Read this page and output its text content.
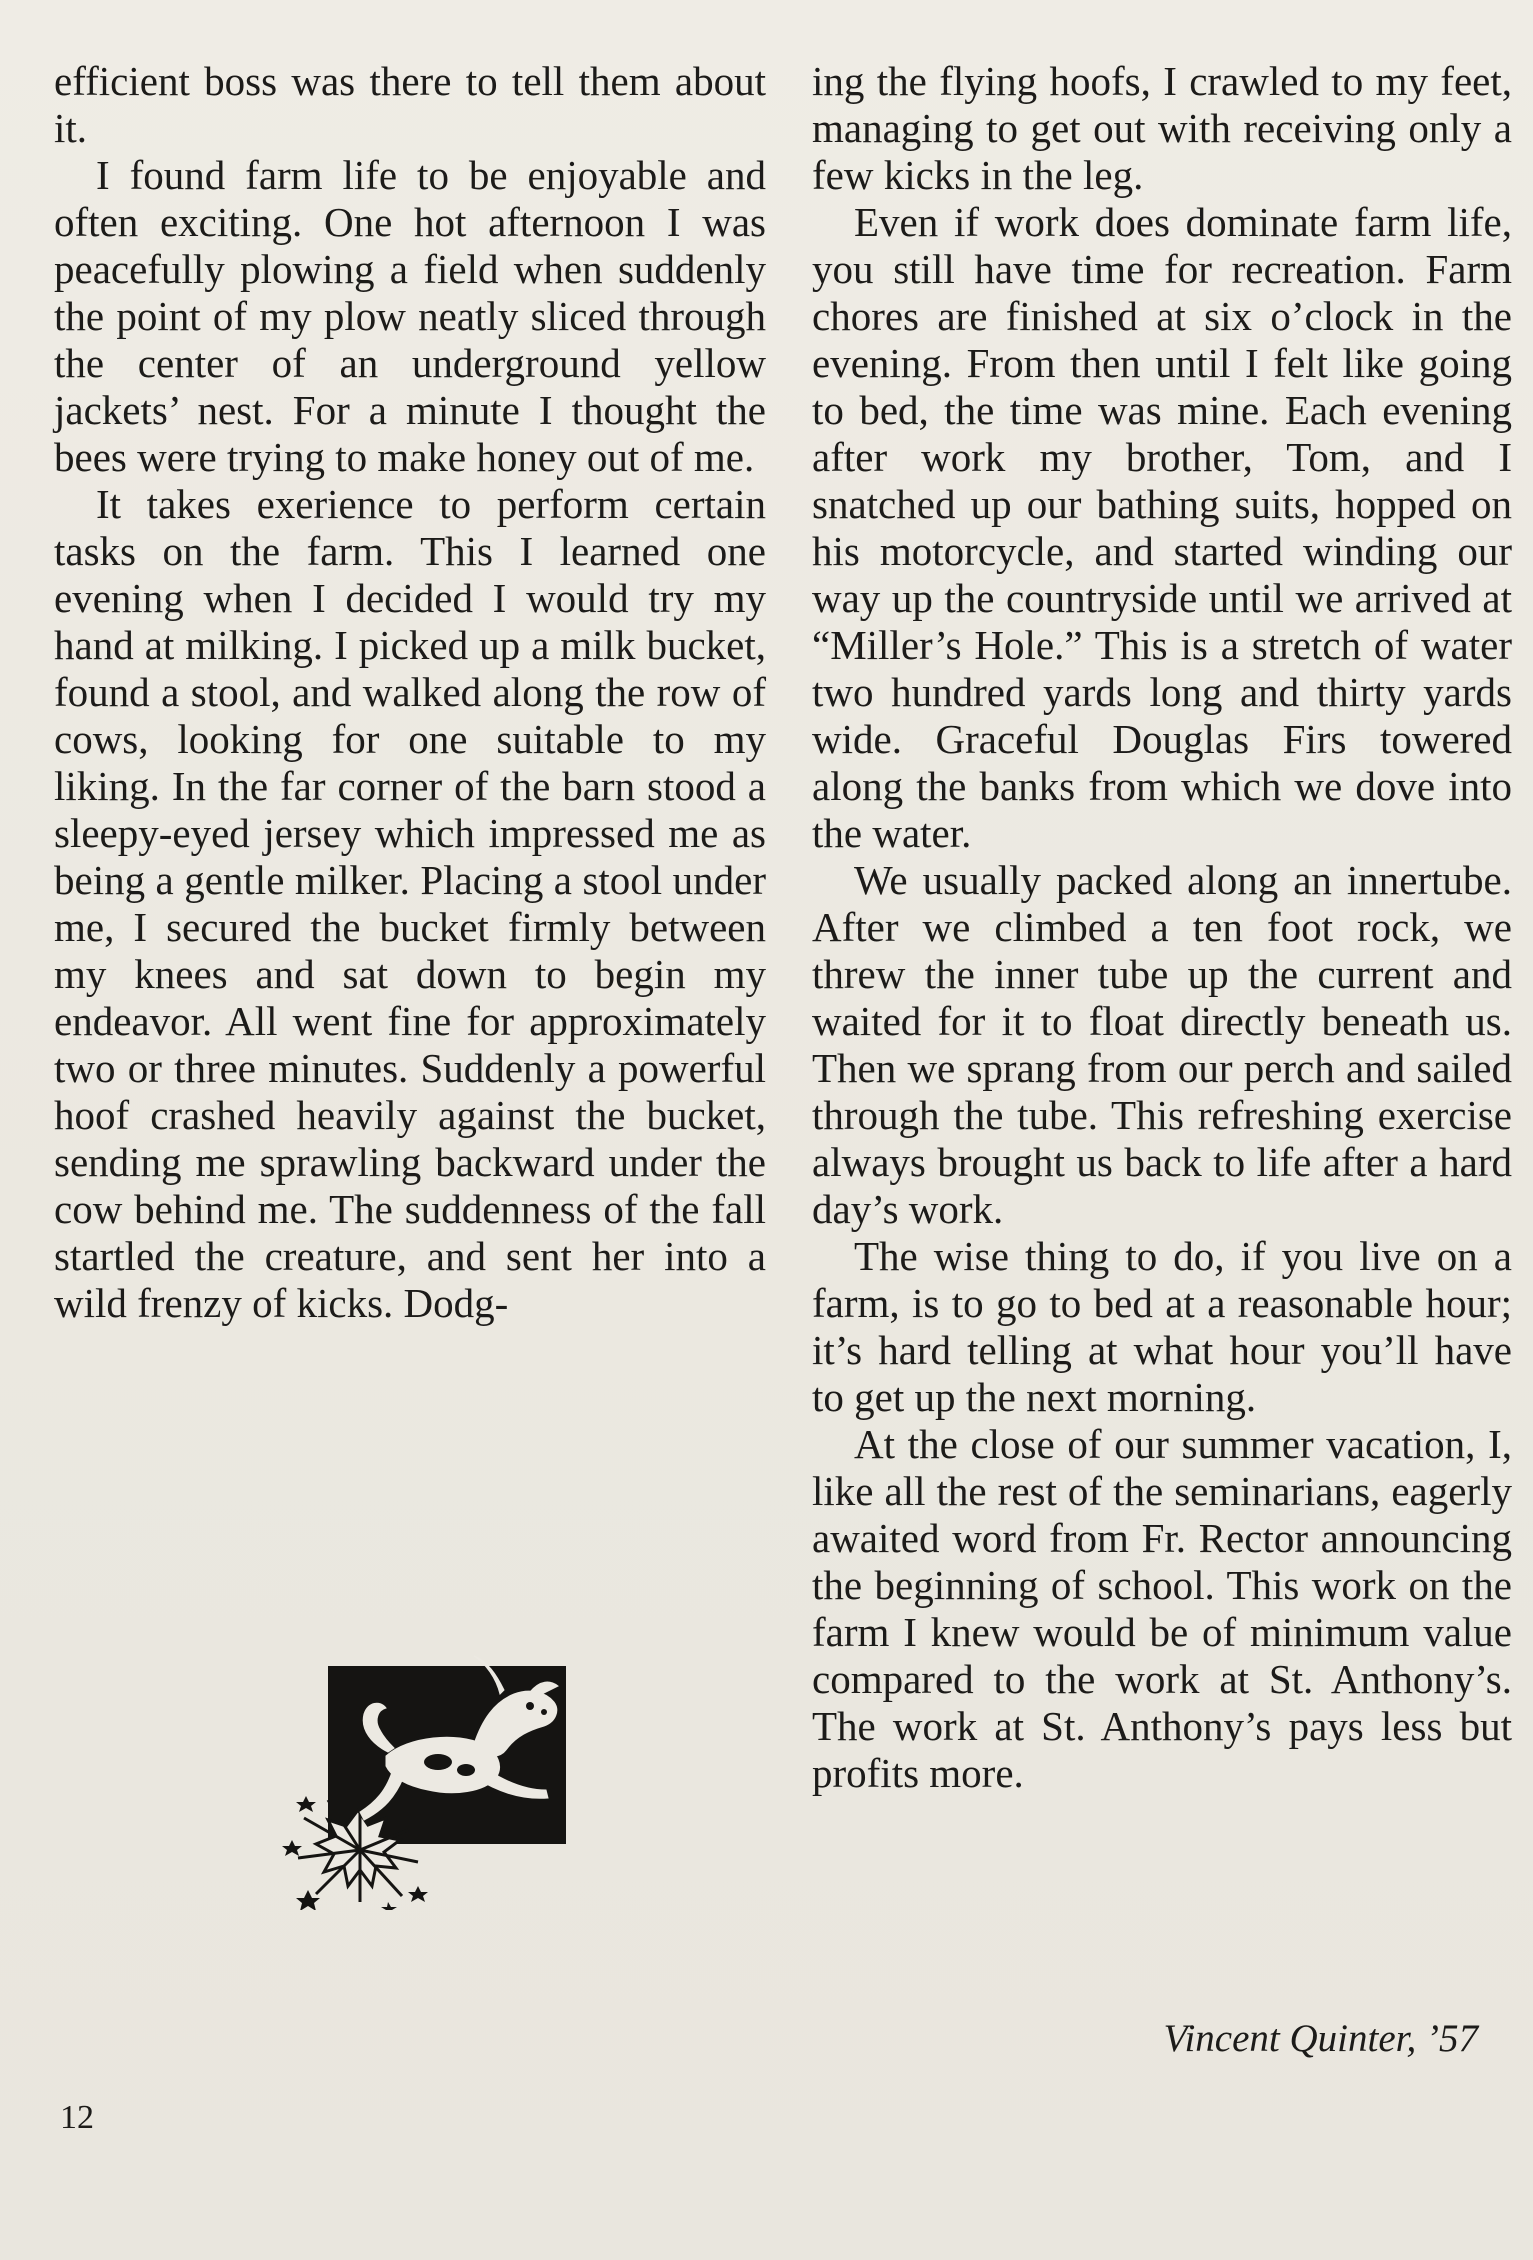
efficient boss was there to tell them about it.

I found farm life to be enjoyable and often exciting. One hot afternoon I was peacefully plowing a field when suddenly the point of my plow neatly sliced through the center of an underground yellow jackets’ nest. For a minute I thought the bees were trying to make honey out of me.

It takes exerience to perform certain tasks on the farm. This I learned one evening when I decided I would try my hand at milking. I picked up a milk bucket, found a stool, and walked along the row of cows, looking for one suitable to my liking. In the far corner of the barn stood a sleepy-eyed jersey which impressed me as being a gentle milker. Placing a stool under me, I secured the bucket firmly between my knees and sat down to begin my endeavor. All went fine for approximately two or three minutes. Suddenly a powerful hoof crashed heavily against the bucket, sending me sprawling backward under the cow behind me. The suddenness of the fall startled the creature, and sent her into a wild frenzy of kicks. Dodg-

ing the flying hoofs, I crawled to my feet, managing to get out with receiving only a few kicks in the leg.

Even if work does dominate farm life, you still have time for recreation. Farm chores are finished at six o’clock in the evening. From then until I felt like going to bed, the time was mine. Each evening after work my brother, Tom, and I snatched up our bathing suits, hopped on his motorcycle, and started winding our way up the countryside until we arrived at “Miller’s Hole.” This is a stretch of water two hundred yards long and thirty yards wide. Graceful Douglas Firs towered along the banks from which we dove into the water.

We usually packed along an innertube. After we climbed a ten foot rock, we threw the inner tube up the current and waited for it to float directly beneath us. Then we sprang from our perch and sailed through the tube. This refreshing exercise always brought us back to life after a hard day’s work.

The wise thing to do, if you live on a farm, is to go to bed at a reasonable hour; it’s hard telling at what hour you’ll have to get up the next morning.

At the close of our summer vacation, I, like all the rest of the seminarians, eagerly awaited word from Fr. Rector announcing the beginning of school. This work on the farm I knew would be of minimum value compared to the work at St. Anthony’s. The work at St. Anthony’s pays less but profits more.

Vincent Quinter, ’57
12
